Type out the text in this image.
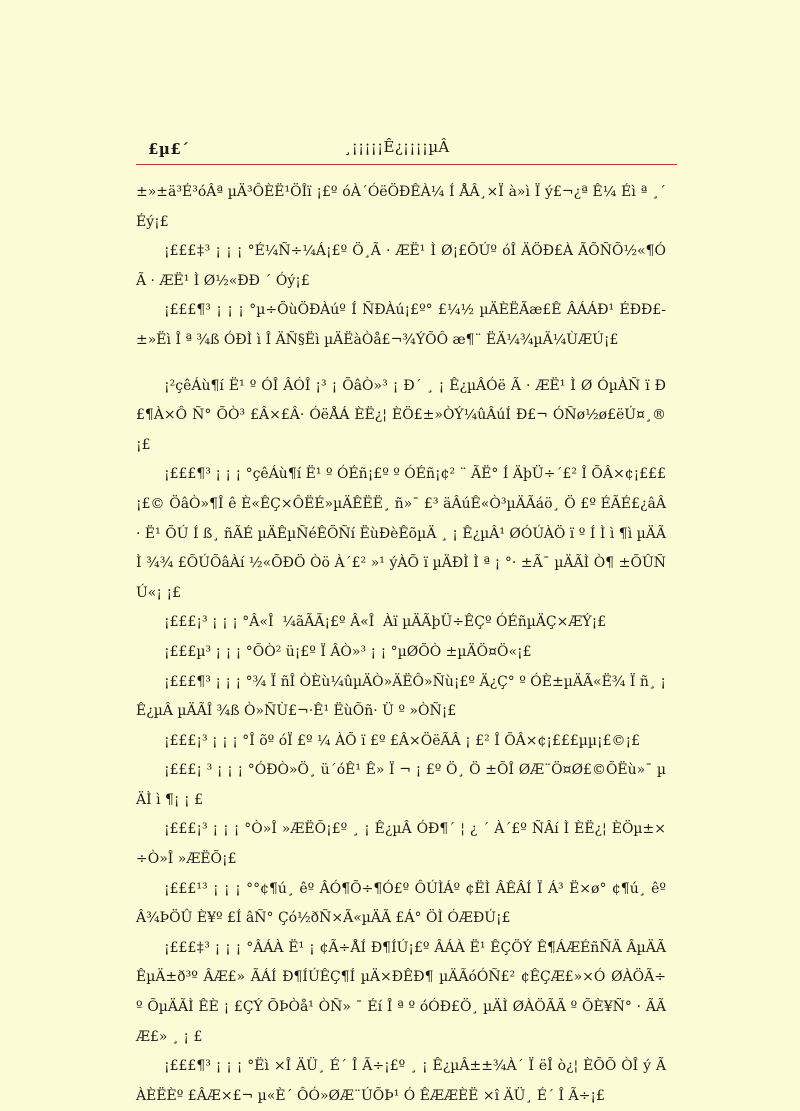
£µ£´	¸¡¡¡¡¡Ê¿¡¡¡¡µÂ

±»±ä³É³óÂª µÄ³ÔÈË¹ÖÎï ¡£º óÀ´ÓëÖÐÊÀ¼ Í ÅÂ¸×Ï à»ì Ï ý£¬¿ª Ê¼ Éì ª ¸´ Éý¡£

¡£££‡³ ¡ ¡ ¡ °É¼Ñ÷¼Á¡£º Ö¸Ã · ÆË¹ Ì Ø¡£ÕÚº óÎ ÄÖÐ£À ÃÕÑÕ½«¶ÓÃ · ÆË¹ Ì Ø½«ÐÐ ´ Óý¡£

¡£££¶³ ¡ ¡ ¡ °µ÷ÕùÖÐÀúº Í ÑÐÀú¡£º° £¼½ µÄÈËÃæ£Ê ÂÁÁÐ¹ ÉÐÐ£±»Ëì Î ª ¾ß ÓÐÌ ì Î ÄÑ§Ëì µÄËàÒå£¬¾ÝÕÔ æ¶¨ ËÄ¼¾µÄ¼ÙÆÚ¡£

¡²çêÁù¶í Ë¹ º ÓÎ ÂÓÎ ¡³ ¡ ÕâÒ»³ ¡ Ð´ ¸ ¡ Ê¿µÂÓë Ã · ÆË¹ Ì Ø ÓµÀÑ ï Ð£¶À×Ô Ñ° ÕÒ³ £Â×£Â· ÓëÅÁ ÈË¿¦ ÈÖ£±»ÒÝ¼ûÂúÍ Ð£¬ ÓÑø½ø£ëÚ¤¸®¡£

¡£££¶³ ¡ ¡ ¡ °çêÁù¶í Ë¹ º ÓÉñ¡£º º ÓÉñ¡¢² ¨ ÃË° Í ÄþÜ÷´£² Î ÕÂ×¢¡£££¡£© ÖâÒ»¶Î ê È«ÊÇ×ÔËÉ»µÄÊËË¸ ñ»¯ £³ äÂúÊ«Ò³µÄÃáö¸ Ö £º ÉÃÉ£¿âÂ· Ë¹ ÕÚ Í ß¸ ñÃÉ µÄÊµÑéÊÕÑí ËùÐèÊõµÄ ¸ ¡ Ê¿µÂ¹ ØÓÚÀÖ ï º Í Ì ì ¶ì µÄÃÌ ¾¾ £ÕÚÕâÀí ½«ÕÐÖ Òö À´£² »¹ ýÀÕ ï µÄÐÌ Ì ª ¡ °· ±Ã¯ µÄÃÌ Ò¶ ±ÕÛÑÚ«¡ ¡£

¡£££¡³ ¡ ¡ ¡ °Â«Î ¼ãÃÃ¡£º Â«Î Àï µÄÃþÜ÷ÊÇº ÓÉñµÄÇ×ÆÝ¡£

¡£££µ³ ¡ ¡ ¡ °ÕÒ² ü¡£º Ï ÂÒ»³ ¡ ¡ °µØÕÒ ±µÄÖ¤Ö«¡£

¡£££¶³ ¡ ¡ ¡ °¾ Ï ñÎ ÒÈù¼ûµÄÒ»ÄËÔ»Ñù¡£º Ä¿Ç° º ÓÈ±µÄÃ«Ë¾ Ï ñ¸ ¡ Ê¿µÂ µÄÃÎ ¾ß Ò»ÑÙ£¬·Ê¹ ËùÕñ· Ü º »ÒÑ¡£

¡£££¡³ ¡ ¡ ¡ °Î õº óÏ £º ¼ ÀÕ ï £º £Â×ÖëÃÂ ¡ £² Î ÕÂ×¢¡£££µµ¡£©¡£

¡£££¡ ³ ¡ ¡ ¡ °ÓÐÒ»Ö¸ ü´óÊ¹ Ê» Ï ¬ ¡ £º Ö¸ Ö ±ÕÎ ØÆ¨Ö¤Ø£©ÕËù»¯ µÄÌ ì ¶¡ ¡ £

¡£££¡³ ¡ ¡ ¡ °Ò»Î »ÆËÕ¡£º ¸ ¡ Ê¿µÂ ÓÐ¶´ ¦ ¿ ´ À´£º ÑÂí Ì ÈË¿¦ ÈÖµ±×÷Ò»Î »ÆËÕ¡£

¡£££¹³ ¡ ¡ ¡ °°¢¶ú¸ êº ÂÓ¶Õ÷¶Ó£º ÔÚÌÁº ¢ËÌ ÂÊÂÍ Ï Á³ Ë×ø° ¢¶ú¸ êº Â¾ÞÖÛ È¥º £Í âÑ° Çó½ðÑ×Ã«µÄÃ £Á° ÖÌ ÓÆÐÚ¡£

¡£££‡³ ¡ ¡ ¡ °ÂÁÀ Ë¹ ¡ ¢Ã÷ÅÍ Ð¶ÍÚ¡£º ÂÁÀ Ë¹ ÊÇÖÝ Ê¶ÁÆÉñÑÄ ÂµÄÃÊµÄ±ð³º ÂÆ£» ÃÁÍ Ð¶ÍÚÊÇ¶Í µÄ×ÐÊÐ¶ µÄÃóÓÑ£² ¢ÊÇÆ£»×Ó ØÀÖÃ÷ º ÕµÄÃÌ ÊÈ ¡ £ÇÝ ÕÞÒå¹ ÒÑ» ¯ Éí Î ª º óÓÐ£Ö¸ µÄÌ ØÀÖÃÃ º ÕÈ¥Ñ° · ÃÃÆ£» ¸ ¡ £

¡£££¶³ ¡ ¡ ¡ °Ëì ×Î ÄÜ¸ É´ Î Ã÷¡£º ¸ ¡ Ê¿µÂ±±¾À´ Ï ëÎ ò¿¦ ÈÕÕ ÒÎ ý ÃÀÈËÈº £ÂÆ×£¬ µ«È´ ÔÓ»ØÆ¨ÚÕÞ¹ Ó ÊÆÆÈË ×î ÄÜ¸ É´ Î Ã÷¡£
